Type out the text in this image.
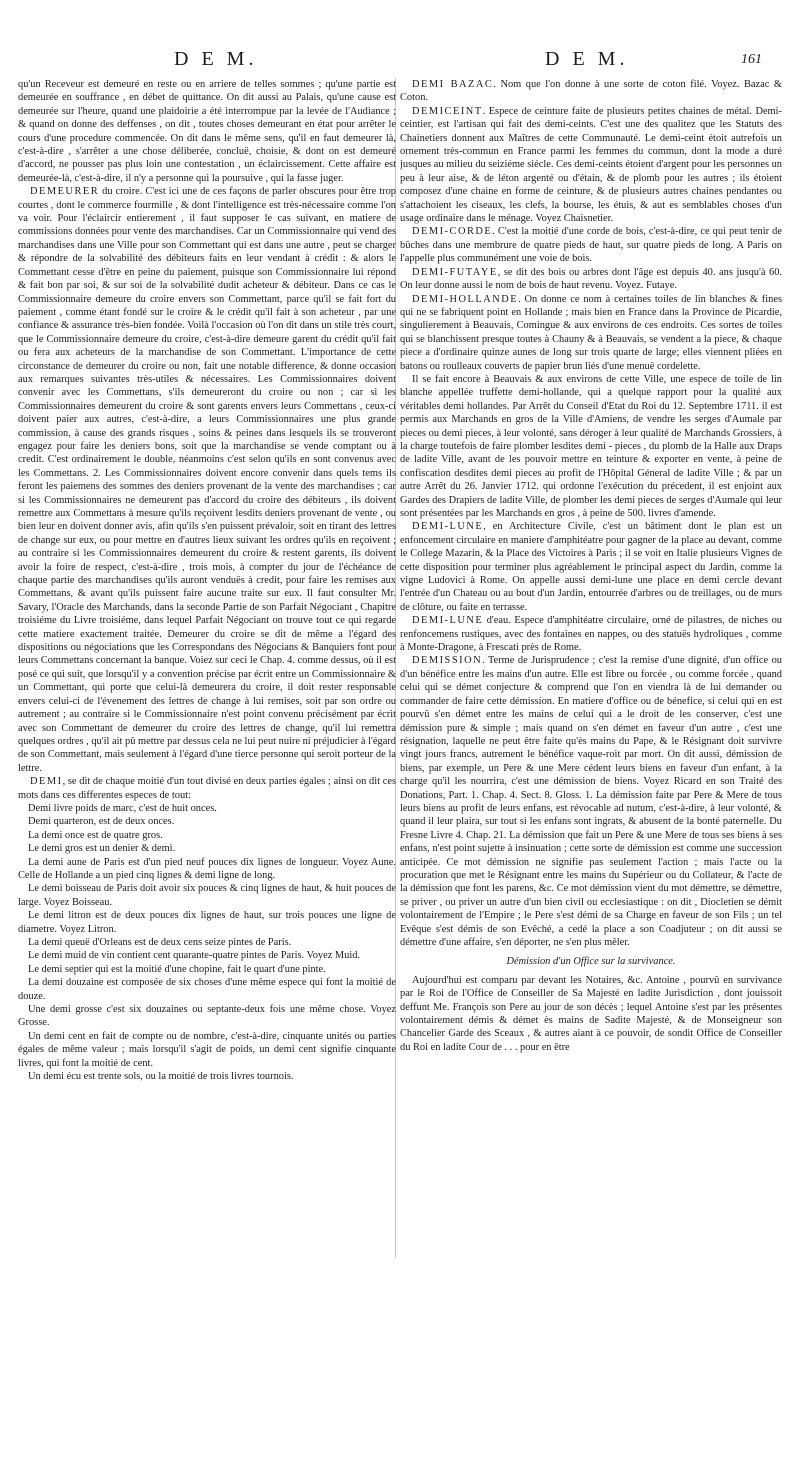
D E M.	D E M.	161

qu'un Receveur est demeuré en reste ou en arriere de telles sommes ; qu'une partie est demeurée en souffrance , en débet de quittance. On dit aussi au Palais, qu'une cause est demeurée sur l'heure, quand une plaidoirie a été interrompue par la levée de l'Audiance ; & quand on donne des deffenses , on dit , toutes choses demeurant en état pour arrêter le cours d'une procedure commencée. On dit dans le même sens, qu'il en faut demeurer là, c'est-à-dire , s'arrêter a une chose déliberée, concluë, choisie, & dont on est demeuré d'accord, ne pousser pas plus loin une contestation , un éclaircissement. Cette affaire est demeurée-là, c'est-à-dire, il n'y a personne qui la poursuive , qui la fasse juger.

DEMEURER du croire. C'est ici une de ces façons de parler obscures pour être trop courtes , dont le commerce fourmille , & dont l'intelligence est très-nécessaire comme l'on va voir. Pour l'éclaircir entierement , il faut supposer le cas suivant, en matiere de commissions données pour vente des marchandises. Car un Commissionnaire qui vend des marchandises dans une Ville pour son Commettant qui est dans une autre , peut se charger & répondre de la solvabilité des débiteurs faits en leur vendant à crédit : & alors le Commettant cesse d'être en peine du paiement, puisque son Commissionnaire lui répond & fait bon par soi, & sur soi de la solvabilité dudit acheteur & débiteur. Dans ce cas le Commissionnaire demeure du croire envers son Commettant, parce qu'il se fait fort du paiement , comme étant fondé sur le croire & le crédit qu'il fait à son acheteur , par une confiance & assurance très-bien fondée. Voilà l'occasion où l'on dit dans un stile très court, que le Commissionnaire demeure du croire, c'est-à-dire demeure garent du crédit qu'il fait ou fera aux acheteurs de la marchandise de son Commettant. L'importance de cette circonstance de demeurer du croire ou non, fait une notable difference, & donne occasion aux remarques suivantes très-utiles & nécessaires. Les Commissionnaires doivent convenir avec les Commettans, s'ils demeureront du croire ou non ; car si les Commissionnaires demeurent du croire & sont garents envers leurs Commettans , ceux-ci doivent paier aux autres, c'est-à-dire, a leurs Commissionnaires une plus grande commission, à cause des grands risques , soins & peines dans lesquels ils se trouveront engagez pour faire les deniers bons, soit que la marchandise se vende comptant ou à credit. C'est ordinairement le double, néanmoins c'est selon qu'ils en sont convenus avec les Commettans. 2. Les Commissionnaires doivent encore convenir dans quels tems ils feront les paiemens des sommes des deniers provenant de la vente des marchandises ; car si les Commissionnaires ne demeurent pas d'accord du croire des débiteurs , ils doivent remettre aux Commettans à mesure qu'ils reçoivent lesdits deniers provenant de vente , ou bien leur en doivent donner avis, afin qu'ils s'en puissent prévaloir, soit en tirant des lettres de change sur eux, ou pour mettre en d'autres lieux suivant les ordres qu'ils en reçoivent ; au contraire si les Commissionnaires demeurent du croire & restent garents, ils doivent avoir la foire de respect, c'est-à-dire , trois mois, à compter du jour de l'échéance de chaque partie des marchandises qu'ils auront venduës à credit, pour faire les remises aux Commettans, & avant qu'ils puissent faire aucune traite sur eux. Il faut consulter Mr. Savary, l'Oracle des Marchands, dans la seconde Partie de son Parfait Négociant , Chapitre troisiéme du Livre troisiéme, dans lequel Parfait Négociant on trouve tout ce qui regarde cette matiere exactement traitée. Demeurer du croire se dit de même a l'égard des dispositions ou négociations que les Correspondans des Négocians & Banquiers font pour leurs Commettans concernant la banque. Voiez sur ceci le Chap. 4. comme dessus, où il est posé ce qui suit, que lorsqu'il y a convention précise par écrit entre un Commissionnaire & un Commettant, qui porte que celui-là demeurera du croire, il doit rester responsable envers celui-ci de l'évenement des lettres de change à lui remises, soit par son ordre ou autrement ; au contraire si le Commissionnaire n'est point convenu précisément par écrit avec son Commettant de demeurer du croire des lettres de change, qu'il lui remettra quelques ordres , qu'il ait pû mettre par dessus cela ne lui peut nuire ni préjudicier à l'égard de son Commettant, mais seulement à l'égard d'une tierce personne qui seroit porteur de la lettre.

DEMI, se dit de chaque moitié d'un tout divisé en deux parties égales ; ainsi on dit ces mots dans ces differentes especes de tout:

Demi livre poids de marc, c'est de huit onces.

Demi quarteron, est de deux onces.

La demi once est de quatre gros.

Le demi gros est un denier & demi.

La demi aune de Paris est d'un pied neuf pouces dix lignes de longueur. Voyez Aune. Celle de Hollande a un pied cinq lignes & demi ligne de long.

Le demi boisseau de Paris doit avoir six pouces & cinq lignes de haut, & huit pouces de large. Voyez Boisseau.

Le demi litron est de deux pouces dix lignes de haut, sur trois pouces une ligne de diametre. Voyez Litron.

La demi queuë d'Orleans est de deux cens seize pintes de Paris.

Le demi muid de vin contient cent quarante-quatre pintes de Paris. Voyez Muid.

Le demi septier qui est la moitié d'une chopine, fait le quart d'une pinte.

La demi douzaine est composée de six choses d'une même espece qui font la moitié de douze.

Une demi grosse c'est six douzaines ou septante-deux fois une même chose. Voyez Grosse.

Un demi cent en fait de compte ou de nombre, c'est-à-dire, cinquante unités ou parties égales de même valeur ; mais lorsqu'il s'agit de poids, un demi cent signifie cinquante livres, qui font la moitié de cent.

Un demi écu est trente sols, ou la moitié de trois livres tournois.

DEMI BAZAC. Nom que l'on donne à une sorte de coton filé. Voyez. Bazac & Coton.

DEMICEINT. Espece de ceinture faite de plusieurs petites chaines de métal. Demi-ceintier, est l'artisan qui fait des demi-ceints. C'est une des qualitez que les Statuts des Chainetiers donnent aux Maîtres de cette Communauté. Le demi-ceint étoit autrefois un ornement très-commun en France parmi les femmes du commun, dont la mode a duré jusques au milieu du seiziéme siécle. Ces demi-ceints étoient d'argent pour les personnes un peu à leur aise, & de léton argenté ou d'étain, & de plomb pour les autres ; ils étoient composez d'une chaine en forme de ceinture, & de plusieurs autres chaines pendantes ou s'attachoient les ciseaux, les clefs, la bourse, les étuis, & aut es semblables choses d'un usage ordinaire dans le ménage. Voyez Chaisnetier.

DEMI-CORDE. C'est la moitié d'une corde de bois, c'est-à-dire, ce qui peut tenir de bûches dans une membrure de quatre pieds de haut, sur quatre pieds de long. A Paris on l'appelle plus communément une voie de bois.

DEMI-FUTAYE, se dit des bois ou arbres dont l'âge est depuis 40. ans jusqu'à 60. On leur donne aussi le nom de bois de haut revenu. Voyez. Futaye.

DEMI-HOLLANDE. On donne ce nom à certaines toiles de lin blanches & fines qui ne se fabriquent point en Hollande ; mais bien en France dans la Province de Picardie, singulierement à Beauvais, Comingue & aux environs de ces endroits. Ces sortes de toiles qui se blanchissent presque toutes à Chauny & à Beauvais, se vendent a la piece, & chaque piece a d'ordinaire quinze aunes de long sur trois quarte de large; elles viennent pliées en batons ou roulleaux couverts de papier brun liés d'une menuë cordelette.

Il se fait encore à Beauvais & aux environs de cette Ville, une espece de toile de lin blanche appellée truffette demi-hollande, qui a quelque rapport pour la qualité aux véritables demi hollandes. Par Arrêt du Conseil d'Etat du Roi du 12. Septembre 1711. il est permis aux Marchands en gros de la Ville d'Amiens, de vendre les serges d'Aumale par pieces ou demi pieces, à leur volonté, sans déroger à leur qualité de Marchands Grossiers, à la charge toutefois de faire plomber lesdites demi - pieces , du plomb de la Halle aux Draps de ladite Ville, avant de les pouvoir mettre en teinture & exporter en vente, à peine de confiscation desdites demi pieces au profit de l'Hôpital Géneral de ladite Ville ; & par un autre Arrêt du 26. Janvier 1712. qui ordonne l'exécution du précedent, il est enjoint aux Gardes des Drapiers de ladite Ville, de plomber les demi pieces de serges d'Aumale qui leur sont présentées par les Marchands en gros , à peine de 500. livres d'amende.

DEMI-LUNE, en Architecture Civile, c'est un bâtiment dont le plan est un enfoncement circulaire en maniere d'amphitéatre pour gagner de la place au devant, comme le College Mazarin, & la Place des Victoires à Paris ; il se voit en Italie plusieurs Vignes de cette disposition pour terminer plus agréablement le principal aspect du Jardin, comme la vigne Ludovici à Rome. On appelle aussi demi-lune une place en demi cercle devant l'entrée d'un Chateau ou au bout d'un Jardin, entourrée d'arbres ou de treillages, ou de murs de clôture, ou faite en terrasse.

DEMI-LUNE d'eau. Espece d'amphitéatre circulaire, orné de pilastres, de niches ou renfoncemens rustiques, avec des fontaines en nappes, ou des statuës hydroliques , comme à Monte-Dragone, à Frescati près de Rome.

DEMISSION. Terme de Jurisprudence ; c'est la remise d'une dignité, d'un office ou d'un bénéfice entre les mains d'un autre. Elle est libre ou forcée , ou comme forcée , quand celui qui se démet conjecture & comprend que l'on en viendra là de lui demander ou commander de faire cette démission. En matiere d'office ou de bénefice, si celui qui en est pourvû s'en démet entre les mains de celui qui a le droit de les conserver, c'est une démission pure & simple ; mais quand on s'en démet en faveur d'un autre , c'est une résignation, laquelle ne peut être faite qu'ès mains du Pape, & le Résignant doit survivre vingt jours francs, autrement le bénéfice vaque-roit par mort. On dit aussi, démission de biens, par exemple, un Pere & une Mere cédent leurs biens en faveur d'un enfant, à la charge qu'il les nourrira, c'est une démission de biens. Voyez Ricard en son Traité des Donations, Part. 1. Chap. 4. Sect. 8. Gloss. 1. La démission faite par Pere & Mere de tous leurs biens au profit de leurs enfans, est révocable ad nutum, c'est-à-dire, à leur volonté, & quand il leur plaira, sur tout si les enfans sont ingrats, & abusent de la bonté paternelle. Du Fresne Livre 4. Chap. 21. La démission que fait un Pere & une Mere de tous ses biens à ses enfans, n'est point sujette à insinuation ; cette sorte de démission est comme une succession anticipée. Ce mot démission ne signifie pas seulement l'action ; mais l'acte ou la procuration que met le Résignant entre les mains du Supérieur ou du Collateur, & l'acte de la démission que font les parens, &c. Ce mot démission vient du mot démettre, se démettre, se priver , ou priver un autre d'un bien civil ou ecclesiastique : on dit , Diocletien se démit volontairement de l'Empire ; le Pere s'est démi de sa Charge en faveur de son Fils ; un tel Evêque s'est démis de son Evêché, a cedé la place a son Coadjuteur ; on dit aussi se démettre d'une affaire, s'en déporter, ne s'en plus mêler.

Démission d'un Office sur la survivance.

Aujourd'hui est comparu par devant les Notaires, &c. Antoine , pourvû en survivance par le Roi de l'Office de Conseiller de Sa Majesté en ladite Jurisdiction , dont jouissoit deffunt Me. François son Pere au jour de son décès ; lequel Antoine s'est par les présentes volontairement démis & démet ès mains de Sadite Majesté, & de Monseigneur son Chancelier Garde des Sceaux , & autres aiant à ce pouvoir, de sondit Office de Conseiller du Roi en ladite Cour de . . . pour en être
